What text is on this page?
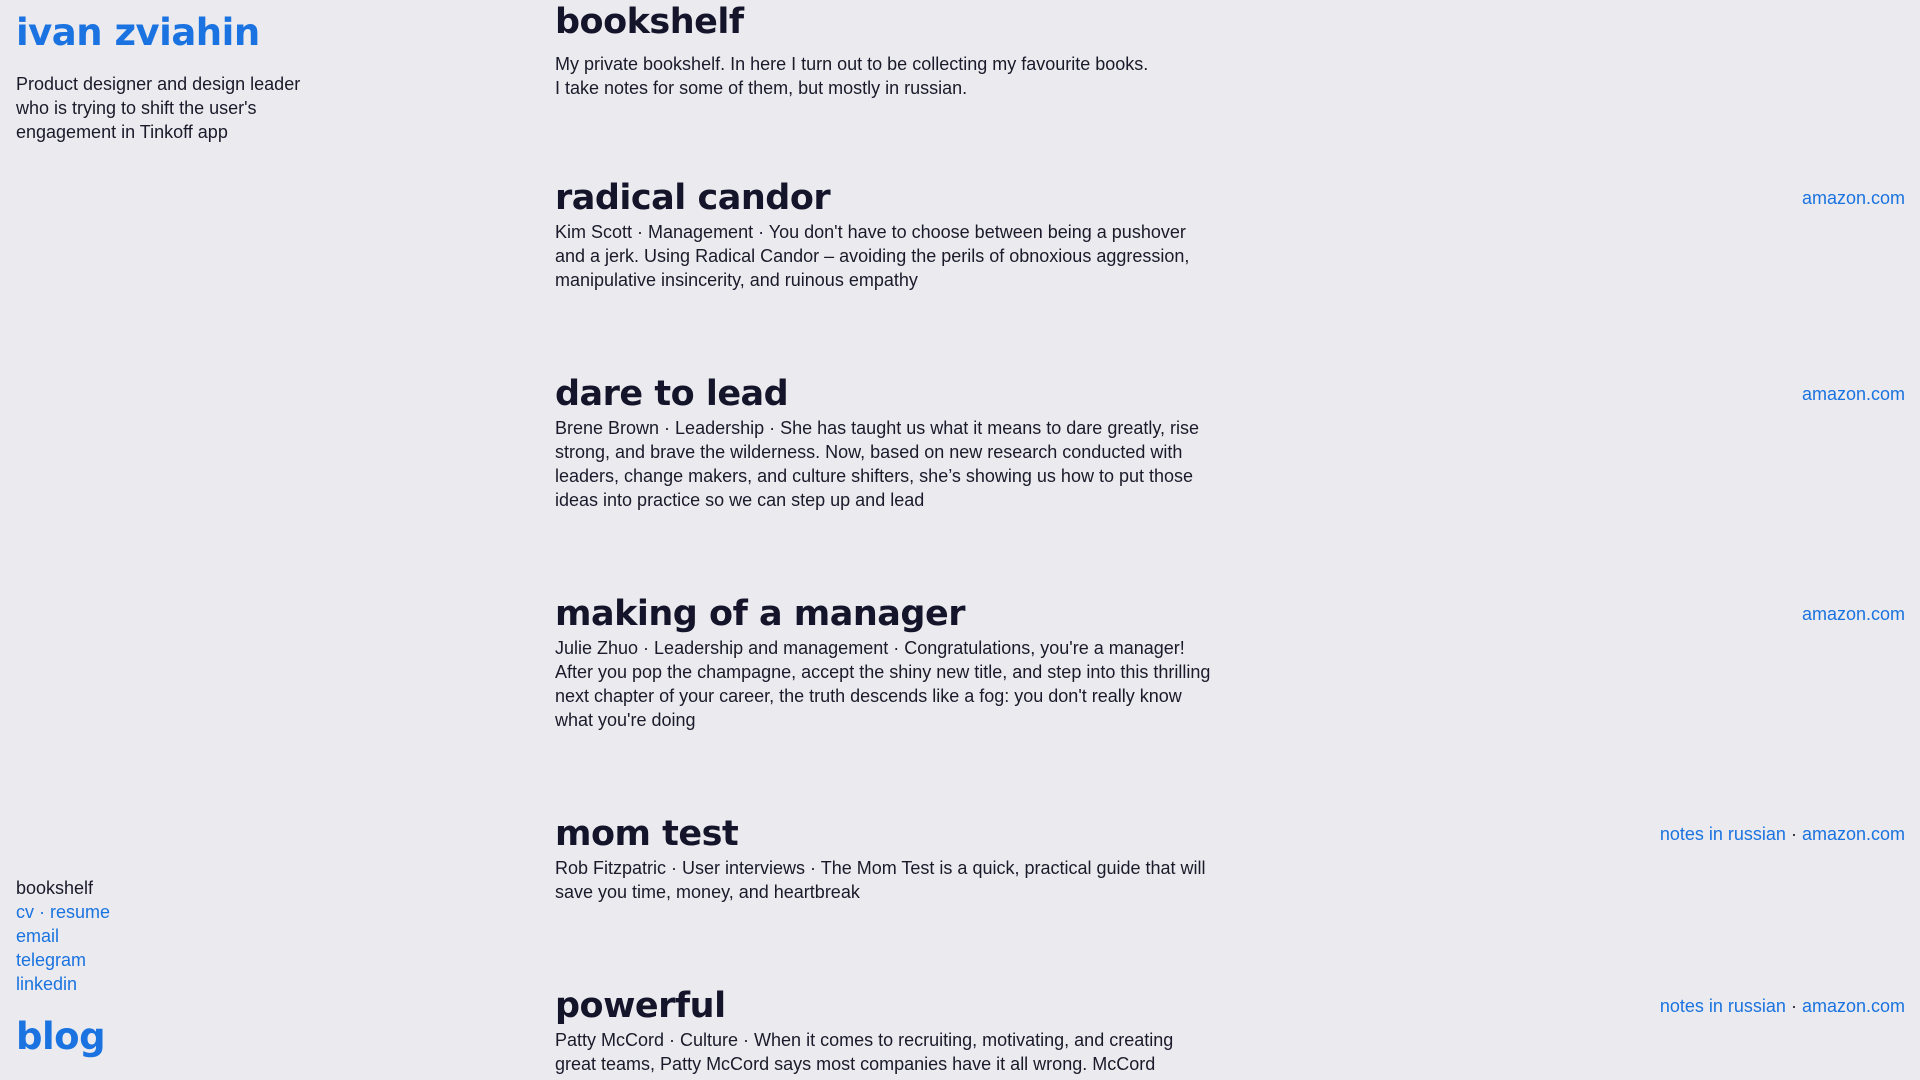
ivan zviahin
Product designer and design leader who is trying to shift the user's engagement in Tinkoff app
bookshelf
cv · resume
email
telegram
linkedin
blog
bookshelf
My private bookshelf. In here I turn out to be collecting my favourite books.
I take notes for some of them, but mostly in russian.
radical candor
Kim Scott · Management · You don't have to choose between being a pushover and a jerk. Using Radical Candor – avoiding the perils of obnoxious aggression, manipulative insincerity, and ruinous empathy
amazon.com
dare to lead
Brene Brown · Leadership · She has taught us what it means to dare greatly, rise strong, and brave the wilderness. Now, based on new research conducted with leaders, change makers, and culture shifters, she’s showing us how to put those ideas into practice so we can step up and lead
amazon.com
making of a manager
Julie Zhuo · Leadership and management · Congratulations, you're a manager! After you pop the champagne, accept the shiny new title, and step into this thrilling next chapter of your career, the truth descends like a fog: you don't really know what you're doing
amazon.com
mom test
Rob Fitzpatric · User interviews · The Mom Test is a quick, practical guide that will save you time, money, and heartbreak
notes in russian · amazon.com
powerful
Patty McCord · Culture · When it comes to recruiting, motivating, and creating great teams, Patty McCord says most companies have it all wrong. McCord
notes in russian · amazon.com
